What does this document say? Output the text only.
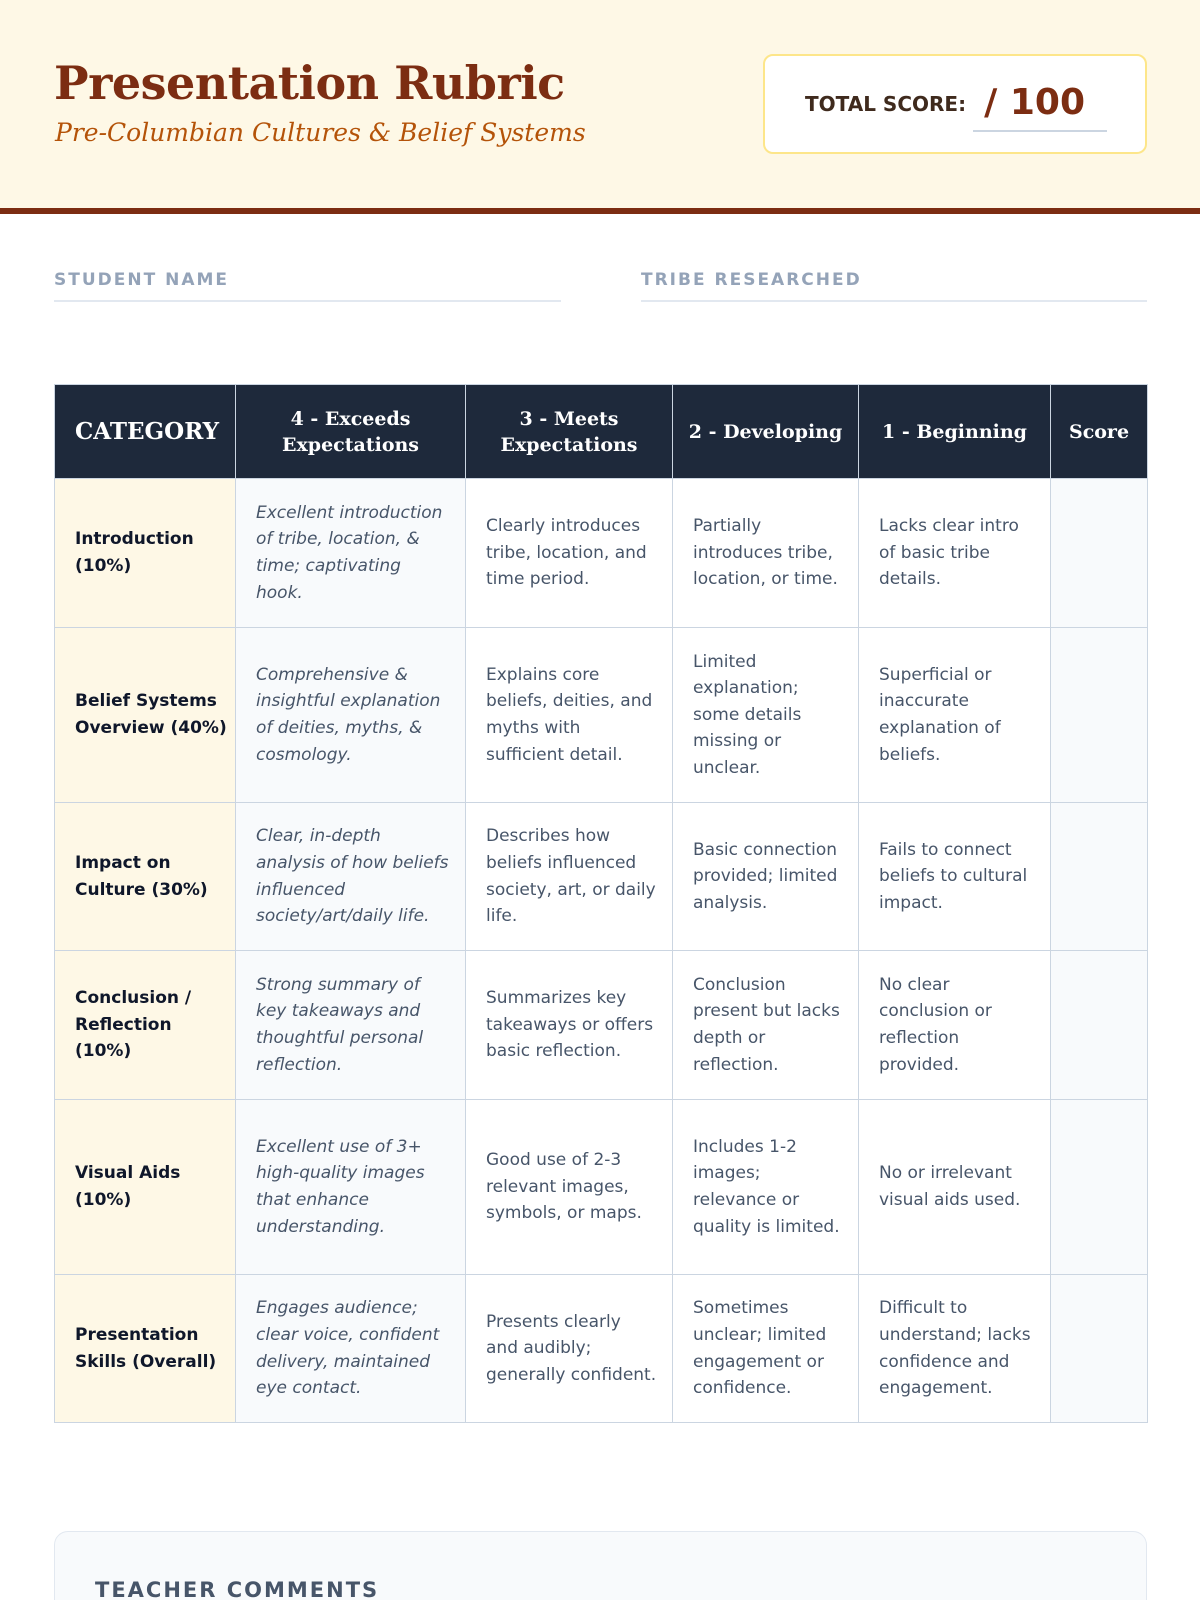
Presentation Rubric
Pre-Columbian Cultures & Belief Systems
TOTAL SCORE: / 100
STUDENT NAME	TRIBE RESEARCHED
CATEGORY	4 - Exceeds Expectations	3 - Meets Expectations	2 - Developing	1 - Beginning	Score
Introduction (10%)	Excellent introduction of tribe, location, & time; captivating hook.	Clearly introduces tribe, location, and time period.	Partially introduces tribe, location, or time.	Lacks clear intro of basic tribe details.	
Belief Systems Overview (40%)	Comprehensive & insightful explanation of deities, myths, & cosmology.	Explains core beliefs, deities, and myths with sufficient detail.	Limited explanation; some details missing or unclear.	Superficial or inaccurate explanation of beliefs.	
Impact on Culture (30%)	Clear, in-depth analysis of how beliefs influenced society/art/daily life.	Describes how beliefs influenced society, art, or daily life.	Basic connection provided; limited analysis.	Fails to connect beliefs to cultural impact.	
Conclusion / Reflection (10%)	Strong summary of key takeaways and thoughtful personal reflection.	Summarizes key takeaways or offers basic reflection.	Conclusion present but lacks depth or reflection.	No clear conclusion or reflection provided.	
Visual Aids (10%)	Excellent use of 3+ high-quality images that enhance understanding.	Good use of 2-3 relevant images, symbols, or maps.	Includes 1-2 images; relevance or quality is limited.	No or irrelevant visual aids used.	
Presentation Skills (Overall)	Engages audience; clear voice, confident delivery, maintained eye contact.	Presents clearly and audibly; generally confident.	Sometimes unclear; limited engagement or confidence.	Difficult to understand; lacks confidence and engagement.	
TEACHER COMMENTS
